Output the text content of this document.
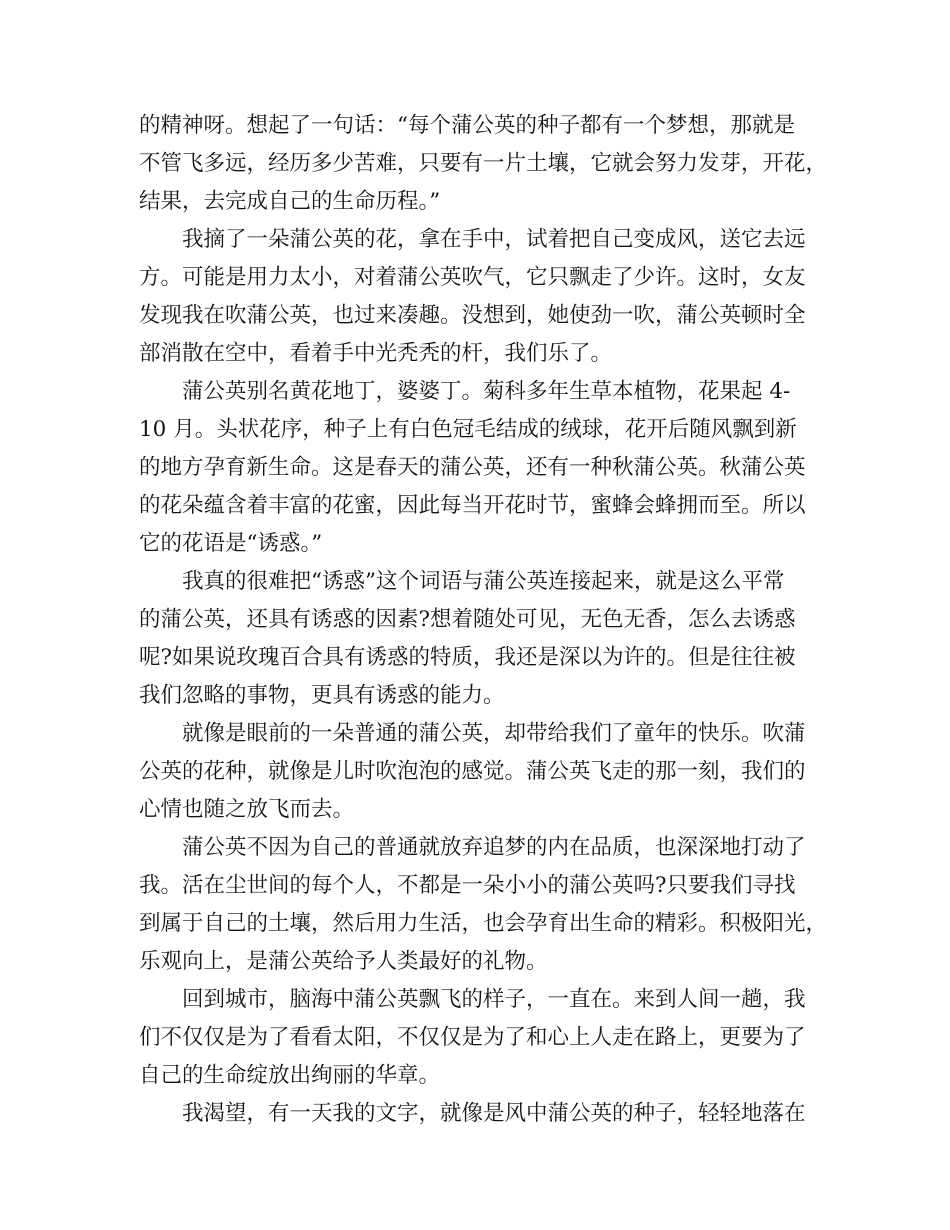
的精神呀。想起了一句话：“每个蒲公英的种子都有一个梦想，那就是
不管飞多远，经历多少苦难，只要有一片土壤，它就会努力发芽，开花，
结果，去完成自己的生命历程。”

我摘了一朵蒲公英的花，拿在手中，试着把自己变成风，送它去远
方。可能是用力太小，对着蒲公英吹气，它只飘走了少许。这时，女友
发现我在吹蒲公英，也过来凑趣。没想到，她使劲一吹，蒲公英顿时全
部消散在空中，看着手中光秃秃的杆，我们乐了。

蒲公英别名黄花地丁，婆婆丁。菊科多年生草本植物，花果起 4-
10 月。头状花序，种子上有白色冠毛结成的绒球，花开后随风飘到新
的地方孕育新生命。这是春天的蒲公英，还有一种秋蒲公英。秋蒲公英
的花朵蕴含着丰富的花蜜，因此每当开花时节，蜜蜂会蜂拥而至。所以
它的花语是“诱惑。”

我真的很难把“诱惑”这个词语与蒲公英连接起来，就是这么平常
的蒲公英，还具有诱惑的因素?想着随处可见，无色无香，怎么去诱惑
呢?如果说玫瑰百合具有诱惑的特质，我还是深以为许的。但是往往被
我们忽略的事物，更具有诱惑的能力。

就像是眼前的一朵普通的蒲公英，却带给我们了童年的快乐。吹蒲
公英的花种，就像是儿时吹泡泡的感觉。蒲公英飞走的那一刻，我们的
心情也随之放飞而去。

蒲公英不因为自己的普通就放弃追梦的内在品质，也深深地打动了
我。活在尘世间的每个人，不都是一朵小小的蒲公英吗?只要我们寻找
到属于自己的土壤，然后用力生活，也会孕育出生命的精彩。积极阳光，
乐观向上，是蒲公英给予人类最好的礼物。

回到城市，脑海中蒲公英飘飞的样子，一直在。来到人间一趟，我
们不仅仅是为了看看太阳，不仅仅是为了和心上人走在路上，更要为了
自己的生命绽放出绚丽的华章。

我渴望，有一天我的文字，就像是风中蒲公英的种子，轻轻地落在
